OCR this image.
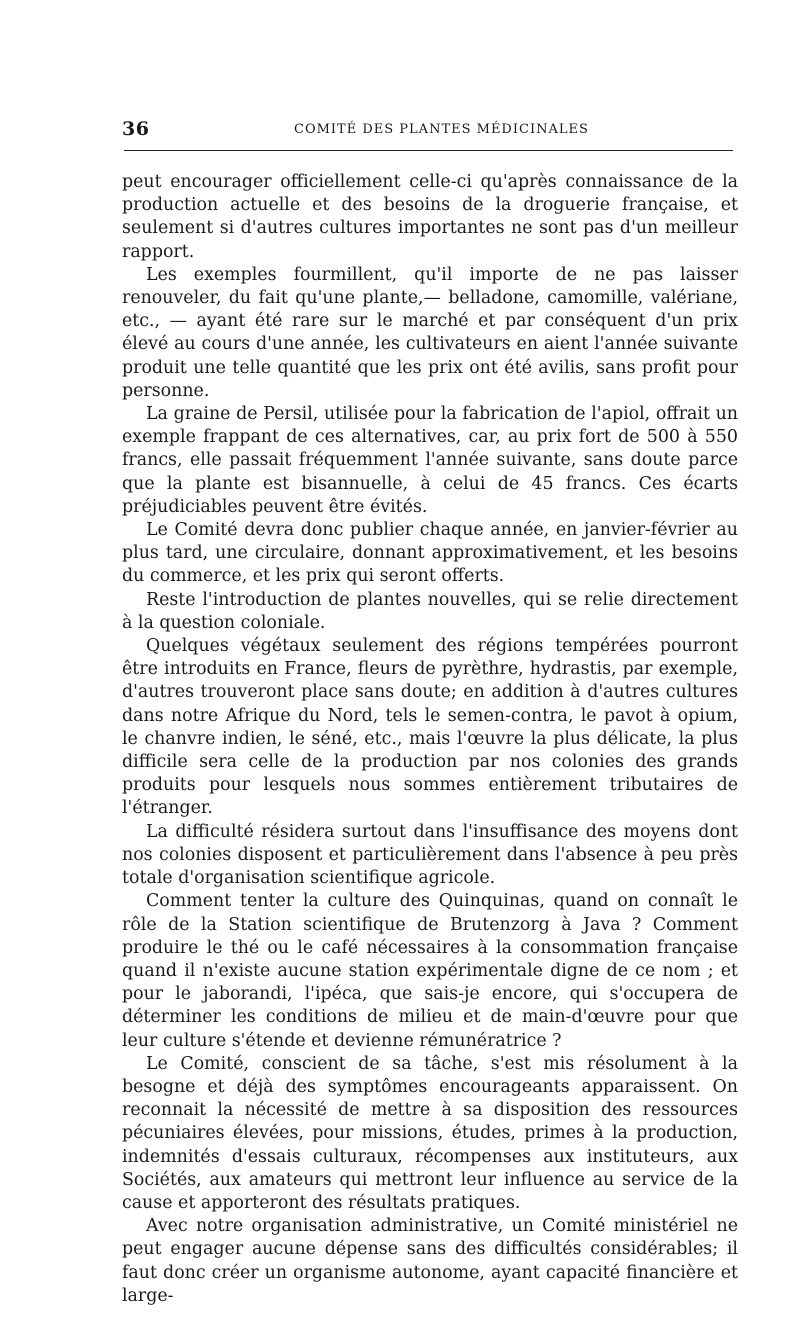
36	COMITÉ DES PLANTES MÉDICINALES

peut encourager officiellement celle-ci qu'après connaissance de la production actuelle et des besoins de la droguerie française, et seulement si d'autres cultures importantes ne sont pas d'un meilleur rapport.

Les exemples fourmillent, qu'il importe de ne pas laisser renouveler, du fait qu'une plante,— belladone, camomille, valériane, etc., — ayant été rare sur le marché et par conséquent d'un prix élevé au cours d'une année, les cultivateurs en aient l'année suivante produit une telle quantité que les prix ont été avilis, sans profit pour personne.

La graine de Persil, utilisée pour la fabrication de l'apiol, offrait un exemple frappant de ces alternatives, car, au prix fort de 500 à 550 francs, elle passait fréquemment l'année suivante, sans doute parce que la plante est bisannuelle, à celui de 45 francs. Ces écarts préjudiciables peuvent être évités.

Le Comité devra donc publier chaque année, en janvier-février au plus tard, une circulaire, donnant approximativement, et les besoins du commerce, et les prix qui seront offerts.

Reste l'introduction de plantes nouvelles, qui se relie directement à la question coloniale.

Quelques végétaux seulement des régions tempérées pourront être introduits en France, fleurs de pyrèthre, hydrastis, par exemple, d'autres trouveront place sans doute; en addition à d'autres cultures dans notre Afrique du Nord, tels le semen-contra, le pavot à opium, le chanvre indien, le séné, etc., mais l'œuvre la plus délicate, la plus difficile sera celle de la production par nos colonies des grands produits pour lesquels nous sommes entièrement tributaires de l'étranger.

La difficulté résidera surtout dans l'insuffisance des moyens dont nos colonies disposent et particulièrement dans l'absence à peu près totale d'organisation scientifique agricole.

Comment tenter la culture des Quinquinas, quand on connaît le rôle de la Station scientifique de Brutenzorg à Java ? Comment produire le thé ou le café nécessaires à la consommation française quand il n'existe aucune station expérimentale digne de ce nom ; et pour le jaborandi, l'ipéca, que sais-je encore, qui s'occupera de déterminer les conditions de milieu et de main-d'œuvre pour que leur culture s'étende et devienne rémunératrice ?

Le Comité, conscient de sa tâche, s'est mis résolument à la besogne et déjà des symptômes encourageants apparaissent. On reconnait la nécessité de mettre à sa disposition des ressources pécuniaires élevées, pour missions, études, primes à la production, indemnités d'essais culturaux, récompenses aux instituteurs, aux Sociétés, aux amateurs qui mettront leur influence au service de la cause et apporteront des résultats pratiques.

Avec notre organisation administrative, un Comité ministériel ne peut engager aucune dépense sans des difficultés considérables; il faut donc créer un organisme autonome, ayant capacité financière et large-
